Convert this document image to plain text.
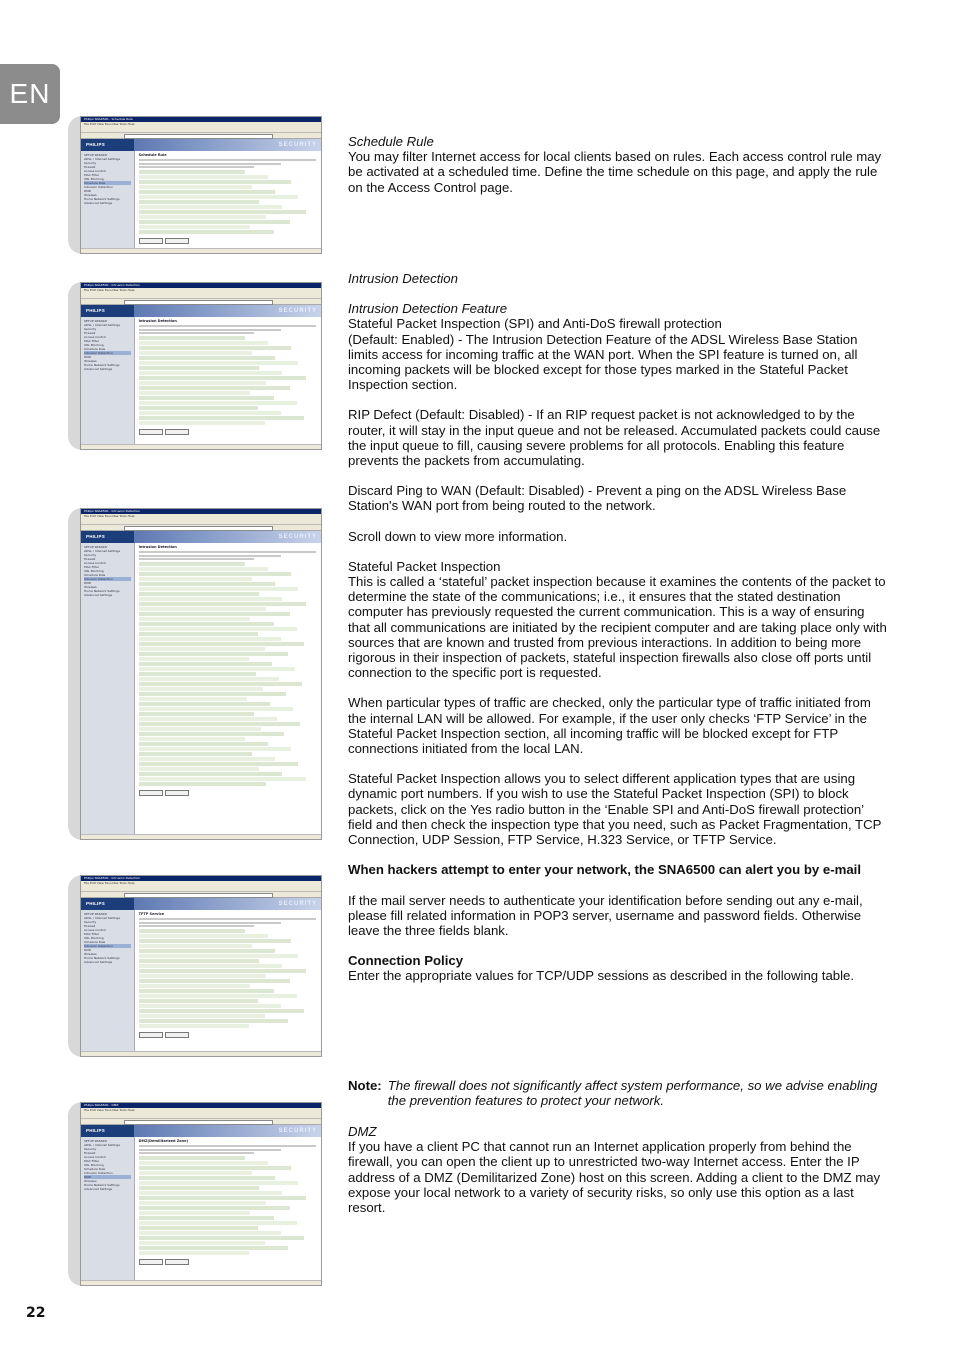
EN
Philips SNA6500 - Schedule Rule
File Edit View Favorites Tools Help
PHILIPS
SETUP WIZARD
ADSL / Internet Settings
Security
Firewall
Access Control
MAC Filter
URL Blocking
Schedule Rule
Intrusion Detection
DMZ
Wireless
Home Network Settings
Advanced Settings
SECURITY
Schedule Rule
Philips SNA6500 - Intrusion Detection
File Edit View Favorites Tools Help
PHILIPS
SETUP WIZARD
ADSL / Internet Settings
Security
Firewall
Access Control
MAC Filter
URL Blocking
Schedule Rule
Intrusion Detection
DMZ
Wireless
Home Network Settings
Advanced Settings
SECURITY
Intrusion Detection
Philips SNA6500 - Intrusion Detection
File Edit View Favorites Tools Help
PHILIPS
SETUP WIZARD
ADSL / Internet Settings
Security
Firewall
Access Control
MAC Filter
URL Blocking
Schedule Rule
Intrusion Detection
DMZ
Wireless
Home Network Settings
Advanced Settings
SECURITY
Intrusion Detection
Philips SNA6500 - Intrusion Detection
File Edit View Favorites Tools Help
PHILIPS
SETUP WIZARD
ADSL / Internet Settings
Security
Firewall
Access Control
MAC Filter
URL Blocking
Schedule Rule
Intrusion Detection
DMZ
Wireless
Home Network Settings
Advanced Settings
SECURITY
TFTP Service
Philips SNA6500 - DMZ
File Edit View Favorites Tools Help
PHILIPS
SETUP WIZARD
ADSL / Internet Settings
Security
Firewall
Access Control
MAC Filter
URL Blocking
Schedule Rule
Intrusion Detection
DMZ
Wireless
Home Network Settings
Advanced Settings
SECURITY
DMZ(Demilitarized Zone)

Schedule Rule

You may filter Internet access for local clients based on rules. Each access control rule may be activated at a scheduled time. Define the time schedule on this page, and apply the rule on the Access Control page.

Intrusion Detection

Intrusion Detection Feature

Stateful Packet Inspection (SPI) and Anti-DoS firewall protection

(Default: Enabled) - The Intrusion Detection Feature of the ADSL Wireless Base Station limits access for incoming traffic at the WAN port. When the SPI feature is turned on, all incoming packets will be blocked except for those types marked in the Stateful Packet Inspection section.

RIP Defect (Default: Disabled) - If an RIP request packet is not acknowledged to by the router, it will stay in the input queue and not be released. Accumulated packets could cause the input queue to fill, causing severe problems for all protocols. Enabling this feature prevents the packets from accumulating.

Discard Ping to WAN (Default: Disabled) - Prevent a ping on the ADSL Wireless Base Station's WAN port from being routed to the network.

Scroll down to view more information.

Stateful Packet Inspection

This is called a ‘stateful’ packet inspection because it examines the contents of the packet to determine the state of the communications; i.e., it ensures that the stated destination computer has previously requested the current communication. This is a way of ensuring that all communications are initiated by the recipient computer and are taking place only with sources that are known and trusted from previous interactions. In addition to being more rigorous in their inspection of packets, stateful inspection firewalls also close off ports until connection to the specific port is requested.

When particular types of traffic are checked, only the particular type of traffic initiated from the internal LAN will be allowed. For example, if the user only checks ‘FTP Service’ in the Stateful Packet Inspection section, all incoming traffic will be blocked except for FTP connections initiated from the local LAN.

Stateful Packet Inspection allows you to select different application types that are using dynamic port numbers. If you wish to use the Stateful Packet Inspection (SPI) to block packets, click on the Yes radio button in the ‘Enable SPI and Anti-DoS firewall protection’ field and then check the inspection type that you need, such as Packet Fragmentation, TCP Connection, UDP Session, FTP Service, H.323 Service, or TFTP Service.

When hackers attempt to enter your network, the SNA6500 can alert you by e-mail

If the mail server needs to authenticate your identification before sending out any e-mail, please fill related information in POP3 server, username and password fields. Otherwise leave the three fields blank.

Connection Policy

Enter the appropriate values for TCP/UDP sessions as described in the following table.

Note: The firewall does not significantly affect system performance, so we advise enabling the prevention features to protect your network.

DMZ

If you have a client PC that cannot run an Internet application properly from behind the firewall, you can open the client up to unrestricted two-way Internet access. Enter the IP address of a DMZ (Demilitarized Zone) host on this screen. Adding a client to the DMZ may expose your local network to a variety of security risks, so only use this option as a last resort.

22
